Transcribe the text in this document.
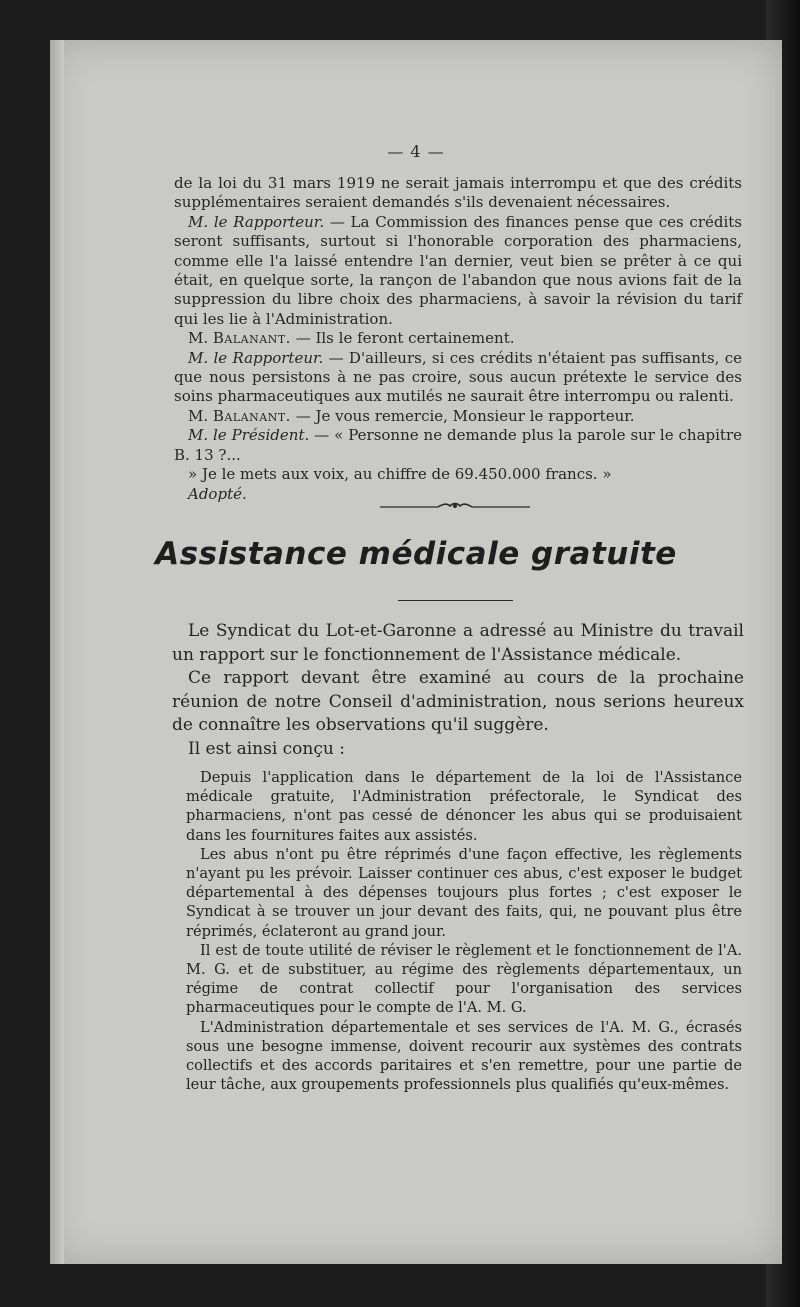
— 4 —

de la loi du 31 mars 1919 ne serait jamais interrompu et que des crédits supplémentaires seraient demandés s'ils devenaient nécessaires.

M. le Rapporteur. — La Commission des finances pense que ces crédits seront suffisants, surtout si l'honorable corporation des pharmaciens, comme elle l'a laissé entendre l'an dernier, veut bien se prêter à ce qui était, en quelque sorte, la rançon de l'abandon que nous avions fait de la suppression du libre choix des pharmaciens, à savoir la révision du tarif qui les lie à l'Administration.

M. Balanant. — Ils le feront certainement.

M. le Rapporteur. — D'ailleurs, si ces crédits n'étaient pas suffisants, ce que nous persistons à ne pas croire, sous aucun prétexte le service des soins pharmaceutiques aux mutilés ne saurait être interrompu ou ralenti.

M. Balanant. — Je vous remercie, Monsieur le rapporteur.

M. le Président. — « Personne ne demande plus la parole sur le chapitre B. 13 ?...

» Je le mets aux voix, au chiffre de 69.450.000 francs. »

Adopté.

Assistance médicale gratuite

Le Syndicat du Lot-et-Garonne a adressé au Ministre du travail un rapport sur le fonctionnement de l'Assistance médicale.

Ce rapport devant être examiné au cours de la prochaine réunion de notre Conseil d'administration, nous serions heureux de connaître les observations qu'il suggère.

Il est ainsi conçu :

Depuis l'application dans le département de la loi de l'Assistance médicale gratuite, l'Administration préfectorale, le Syndicat des pharmaciens, n'ont pas cessé de dénoncer les abus qui se produisaient dans les fournitures faites aux assistés.

Les abus n'ont pu être réprimés d'une façon effective, les règlements n'ayant pu les prévoir. Laisser continuer ces abus, c'est exposer le budget départemental à des dépenses toujours plus fortes ; c'est exposer le Syndicat à se trouver un jour devant des faits, qui, ne pouvant plus être réprimés, éclateront au grand jour.

Il est de toute utilité de réviser le règlement et le fonctionnement de l'A. M. G. et de substituer, au régime des règlements départementaux, un régime de contrat collectif pour l'organisation des services pharmaceutiques pour le compte de l'A. M. G.

L'Administration départementale et ses services de l'A. M. G., écrasés sous une besogne immense, doivent recourir aux systèmes des contrats collectifs et des accords paritaires et s'en remettre, pour une partie de leur tâche, aux groupements professionnels plus qualifiés qu'eux-mêmes.
